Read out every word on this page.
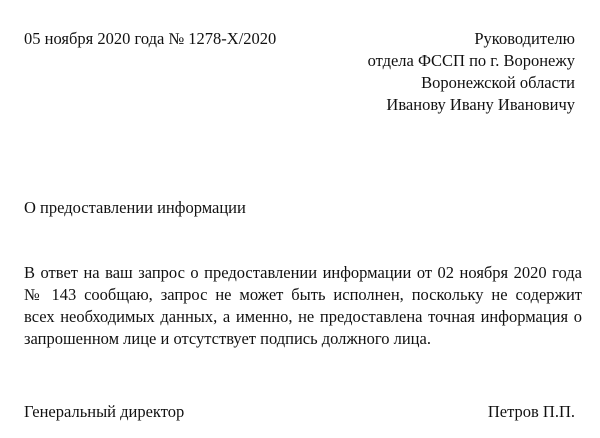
05 ноября 2020 года № 1278-Х/2020	Руководителю
отдела ФССП по г. Воронежу
Воронежской области
Иванову Ивану Ивановичу
О предоставлении информации
В ответ на ваш запрос о предоставлении информации от 02 ноября 2020 года
№ 143 сообщаю, запрос не может быть исполнен, поскольку не содержит
всех необходимых данных, а именно, не предоставлена точная информация о
запрошенном лице и отсутствует подпись должного лица.
Генеральный директор	Петров П.П.
